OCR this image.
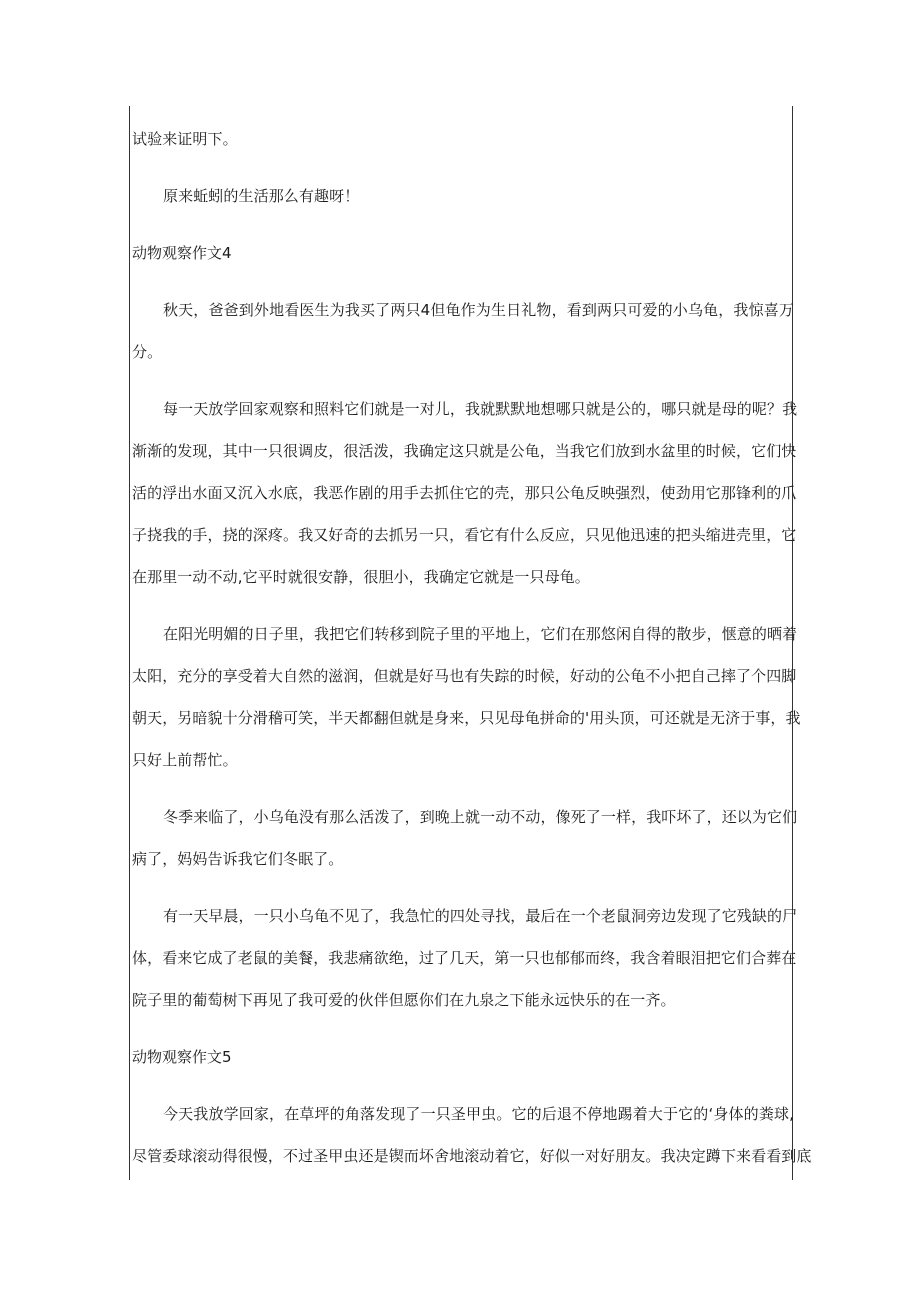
试验来证明下。
原来蚯蚓的生活那么有趣呀！
动物观察作文4
秋天，爸爸到外地看医生为我买了两只4但龟作为生日礼物，看到两只可爱的小乌龟，我惊喜万
分。
每一天放学回家观察和照料它们就是一对儿，我就默默地想哪只就是公的，哪只就是母的呢？我
渐渐的发现，其中一只很调皮，很活泼，我确定这只就是公龟，当我它们放到水盆里的时候，它们快
活的浮出水面又沉入水底，我恶作剧的用手去抓住它的壳，那只公龟反映强烈，使劲用它那锋利的爪
子挠我的手，挠的深疼。我又好奇的去抓另一只，看它有什么反应，只见他迅速的把头缩进壳里，它
在那里一动不动,它平时就很安静，很胆小，我确定它就是一只母龟。
在阳光明媚的日子里，我把它们转移到院子里的平地上，它们在那悠闲自得的散步，惬意的晒着
太阳，充分的享受着大自然的滋润，但就是好马也有失踪的时候，好动的公龟不小把自己摔了个四脚
朝天，另暗貌十分滑稽可笑，半天都翻但就是身来，只见母龟拼命的'用头顶，可还就是无济于事，我
只好上前帮忙。
冬季来临了，小乌龟没有那么活泼了，到晚上就一动不动，像死了一样，我吓坏了，还以为它们
病了，妈妈告诉我它们冬眠了。
有一天早晨，一只小乌龟不见了，我急忙的四处寻找，最后在一个老鼠洞旁边发现了它残缺的尸
体，看来它成了老鼠的美餐，我悲痛欲绝，过了几天，第一只也郁郁而终，我含着眼泪把它们合葬在
院子里的葡萄树下再见了我可爱的伙伴但愿你们在九泉之下能永远快乐的在一齐。
动物观察作文5
今天我放学回家，在草坪的角落发现了一只圣甲虫。它的后退不停地踢着大于它的‘身体的粪球,
尽管委球滚动得很慢，不过圣甲虫还是锲而坏舍地滚动着它，好似一对好朋友。我决定蹲下来看看到底
